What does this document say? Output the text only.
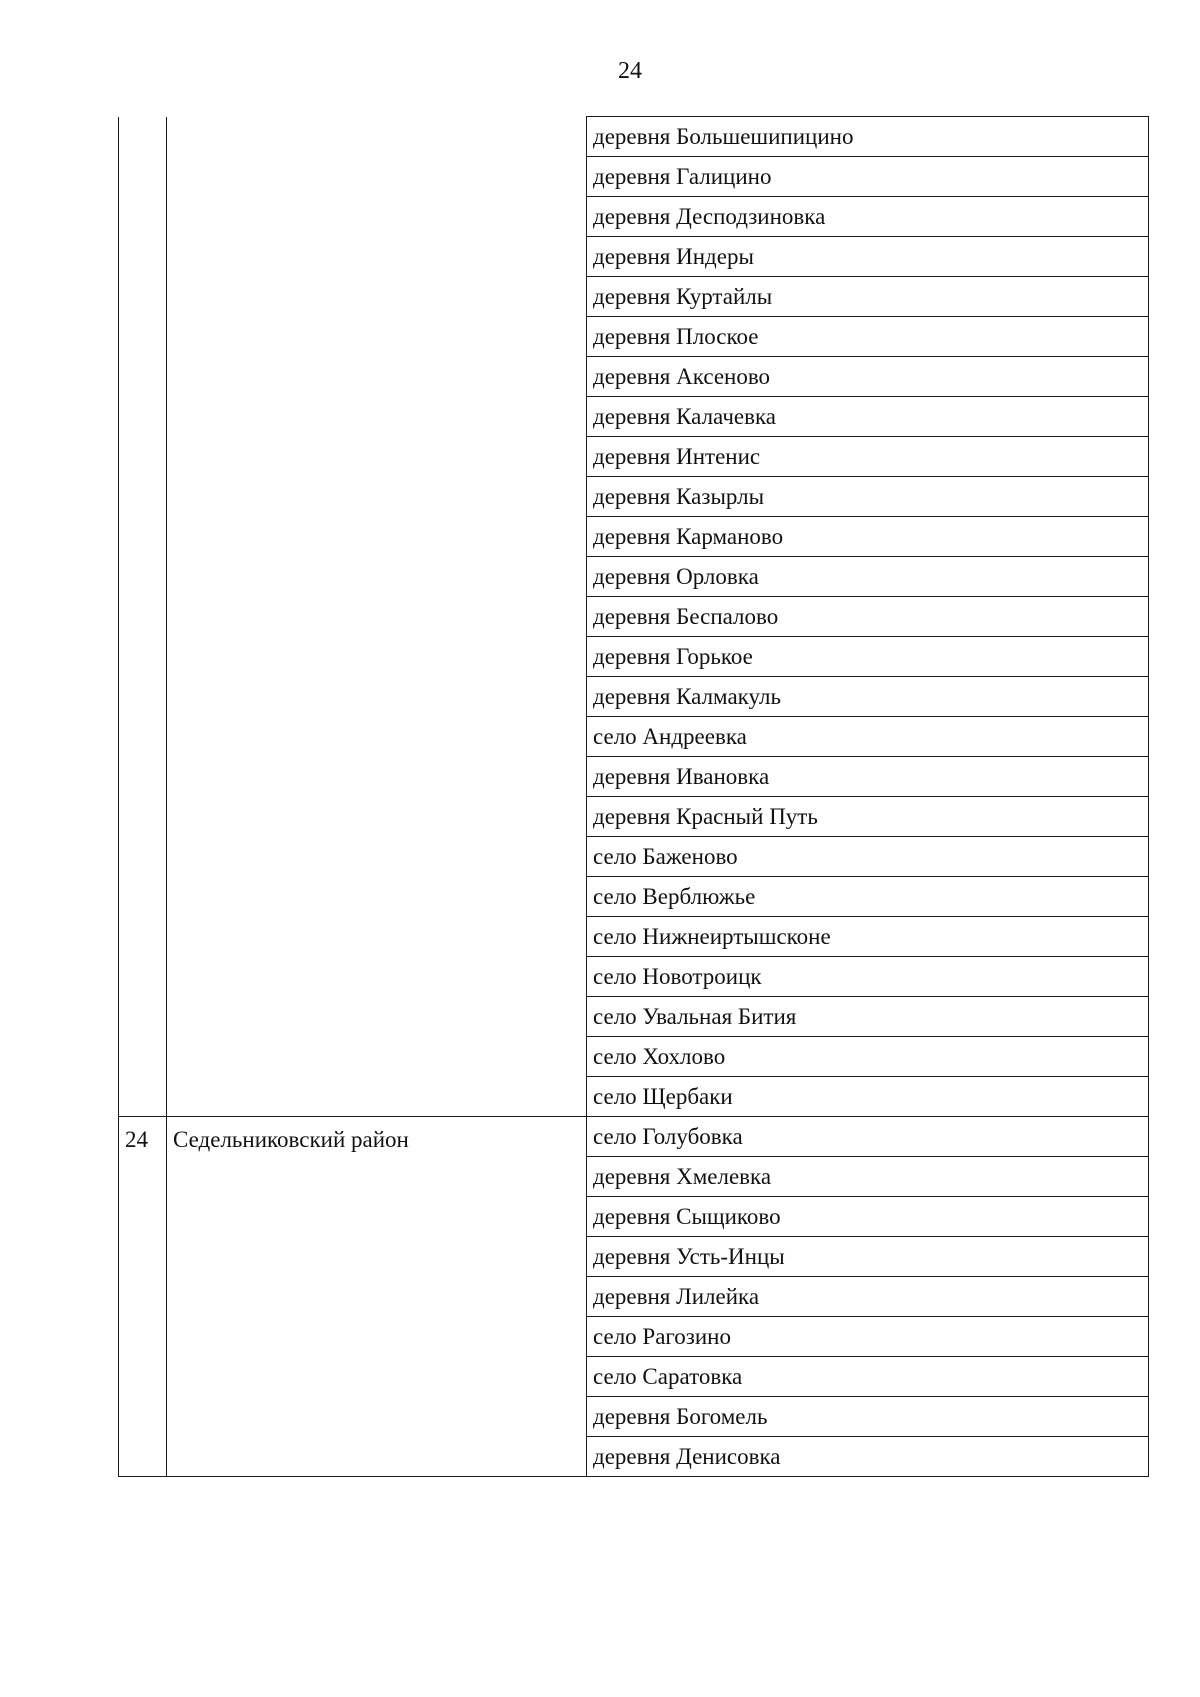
24
		деревня Большешипицино
		деревня Галицино
		деревня Десподзиновка
		деревня Индеры
		деревня Куртайлы
		деревня Плоское
		деревня Аксеново
		деревня Калачевка
		деревня Интенис
		деревня Казырлы
		деревня Карманово
		деревня Орловка
		деревня Беспалово
		деревня Горькое
		деревня Калмакуль
		село Андреевка
		деревня Ивановка
		деревня Красный Путь
		село Баженово
		село Верблюжье
		село Нижнеиртышсконе
		село Новотроицк
		село Увальная Бития
		село Хохлово
		село Щербаки
24	Седельниковский район	село Голубовка
		деревня Хмелевка
		деревня Сыщиково
		деревня Усть-Инцы
		деревня Лилейка
		село Рагозино
		село Саратовка
		деревня Богомель
		деревня Денисовка
